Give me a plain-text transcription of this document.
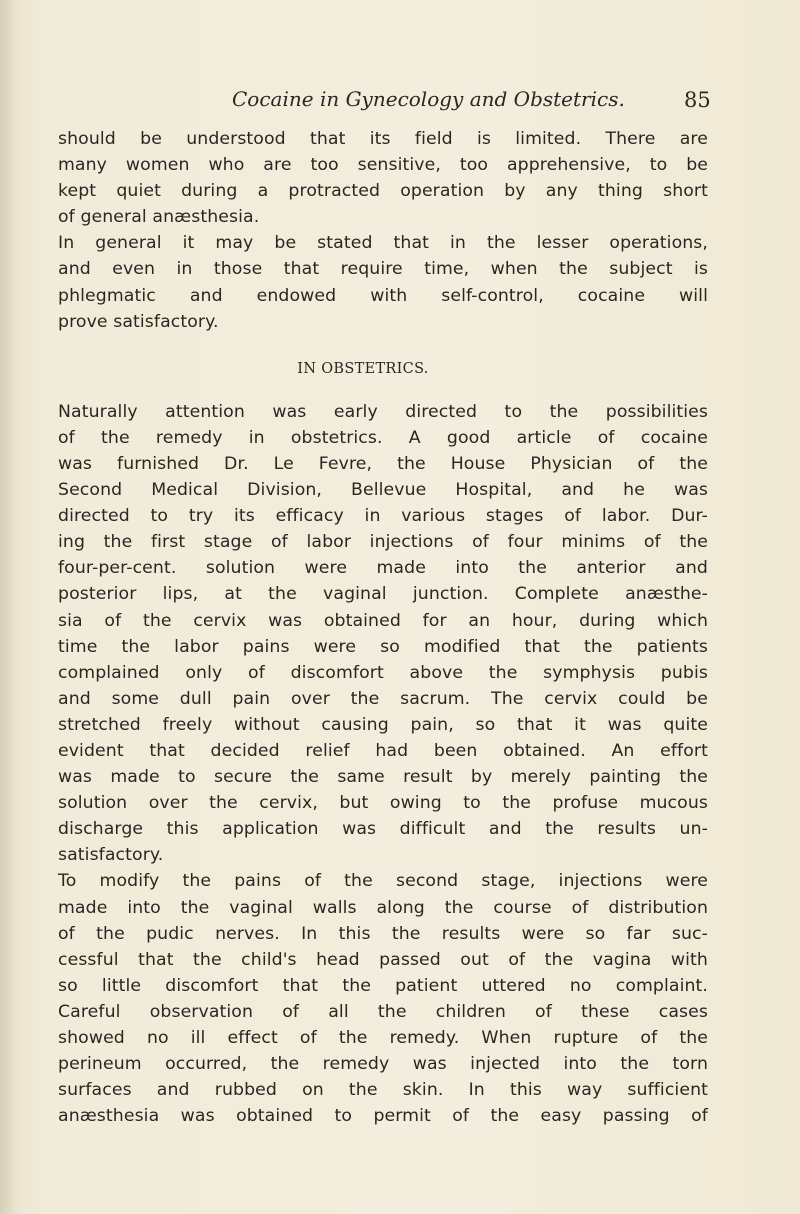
Cocaine in Gynecology and Obstetrics.	85
should be understood that its field is limited. There are
many women who are too sensitive, too apprehensive, to be
kept quiet during a protracted operation by any thing short
of general anæsthesia.
In general it may be stated that in the lesser operations,
and even in those that require time, when the subject is
phlegmatic and endowed with self-control, cocaine will
prove satisfactory.
IN OBSTETRICS.
Naturally attention was early directed to the possibilities
of the remedy in obstetrics. A good article of cocaine
was furnished Dr. Le Fevre, the House Physician of the
Second Medical Division, Bellevue Hospital, and he was
directed to try its efficacy in various stages of labor. Dur-
ing the first stage of labor injections of four minims of the
four-per-cent. solution were made into the anterior and
posterior lips, at the vaginal junction. Complete anæsthe-
sia of the cervix was obtained for an hour, during which
time the labor pains were so modified that the patients
complained only of discomfort above the symphysis pubis
and some dull pain over the sacrum. The cervix could be
stretched freely without causing pain, so that it was quite
evident that decided relief had been obtained. An effort
was made to secure the same result by merely painting the
solution over the cervix, but owing to the profuse mucous
discharge this application was difficult and the results un-
satisfactory.
To modify the pains of the second stage, injections were
made into the vaginal walls along the course of distribution
of the pudic nerves. In this the results were so far suc-
cessful that the child's head passed out of the vagina with
so little discomfort that the patient uttered no complaint.
Careful observation of all the children of these cases
showed no ill effect of the remedy. When rupture of the
perineum occurred, the remedy was injected into the torn
surfaces and rubbed on the skin. In this way sufficient
anæsthesia was obtained to permit of the easy passing of
